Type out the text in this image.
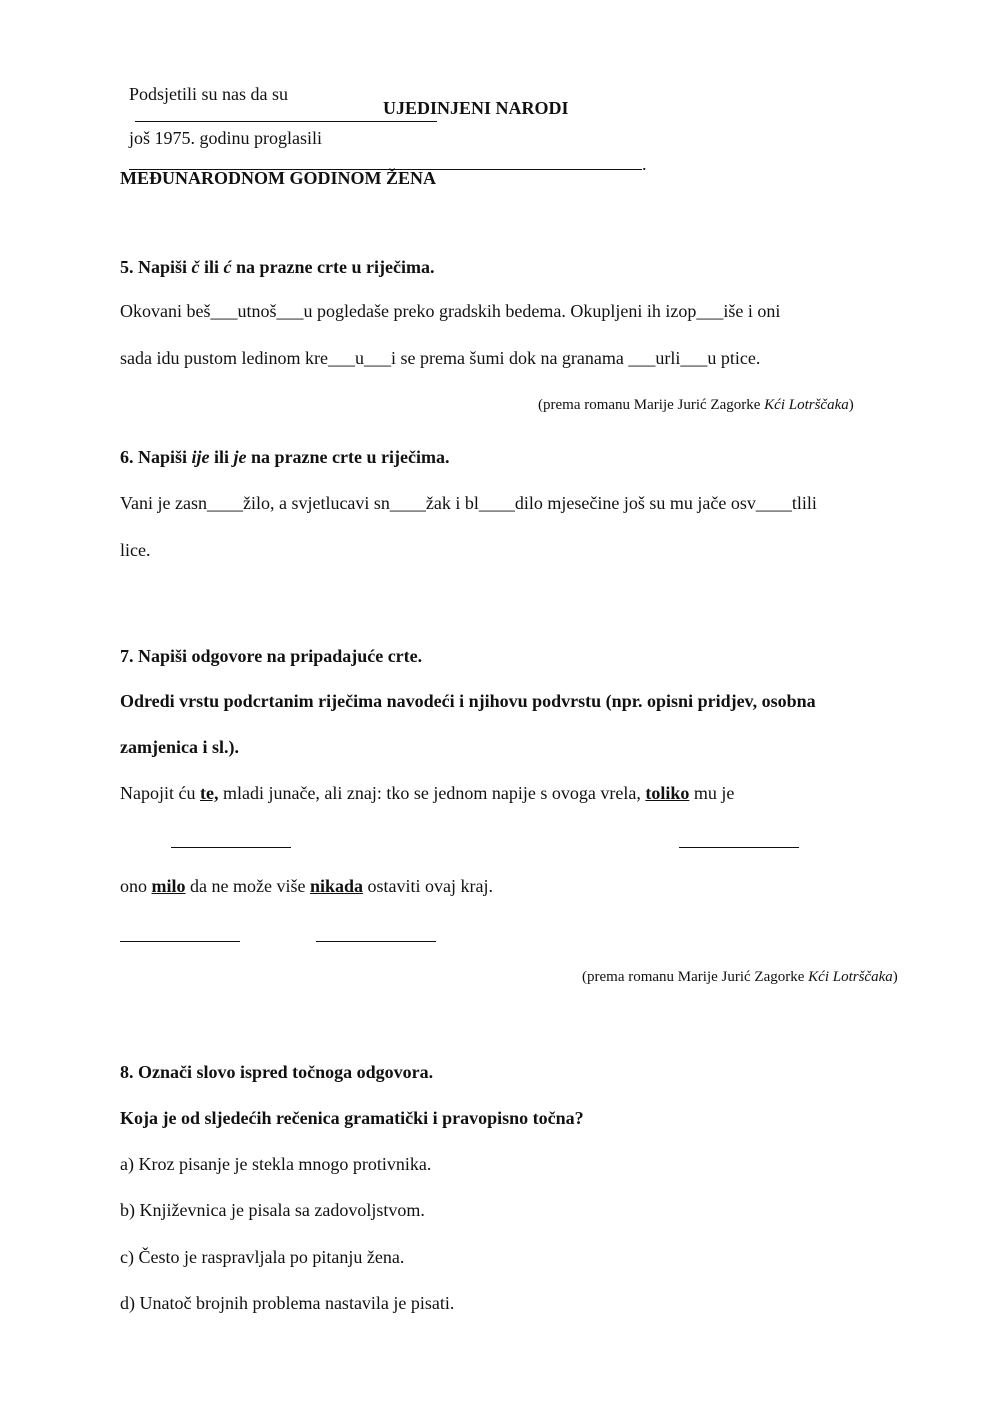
Podsjetili su nas da su

još 1975. godinu proglasili

UJEDINJENI NARODI

.

MEĐUNARODNOM GODINOM ŽENA
5. Napiši č ili ć na prazne crte u riječima.
Okovani beš___utnoš___u pogledaše preko gradskih bedema. Okupljeni ih izop___iše i oni
sada idu pustom ledinom kre___u___i se prema šumi dok na granama ___urli___u ptice.
(prema romanu Marije Jurić Zagorke Kći Lotrščaka)
6. Napiši ije ili je na prazne crte u riječima.
Vani je zasn____žilo, a svjetlucavi sn____žak i bl____dilo mjesečine još su mu jače osv____tlili
lice.
7. Napiši odgovore na pripadajuće crte.
Odredi vrstu podcrtanim riječima navodeći i njihovu podvrstu (npr. opisni pridjev, osobna
zamjenica i sl.).
Napojit ću te, mladi junače, ali znaj: tko se jednom napije s ovoga vrela, toliko mu je
ono milo da ne može više nikada ostaviti ovaj kraj.
(prema romanu Marije Jurić Zagorke Kći Lotrščaka)
8. Označi slovo ispred točnoga odgovora.
Koja je od sljedećih rečenica gramatički i pravopisno točna?
a) Kroz pisanje je stekla mnogo protivnika.
b) Književnica je pisala sa zadovoljstvom.
c) Često je raspravljala po pitanju žena.
d) Unatoč brojnih problema nastavila je pisati.
